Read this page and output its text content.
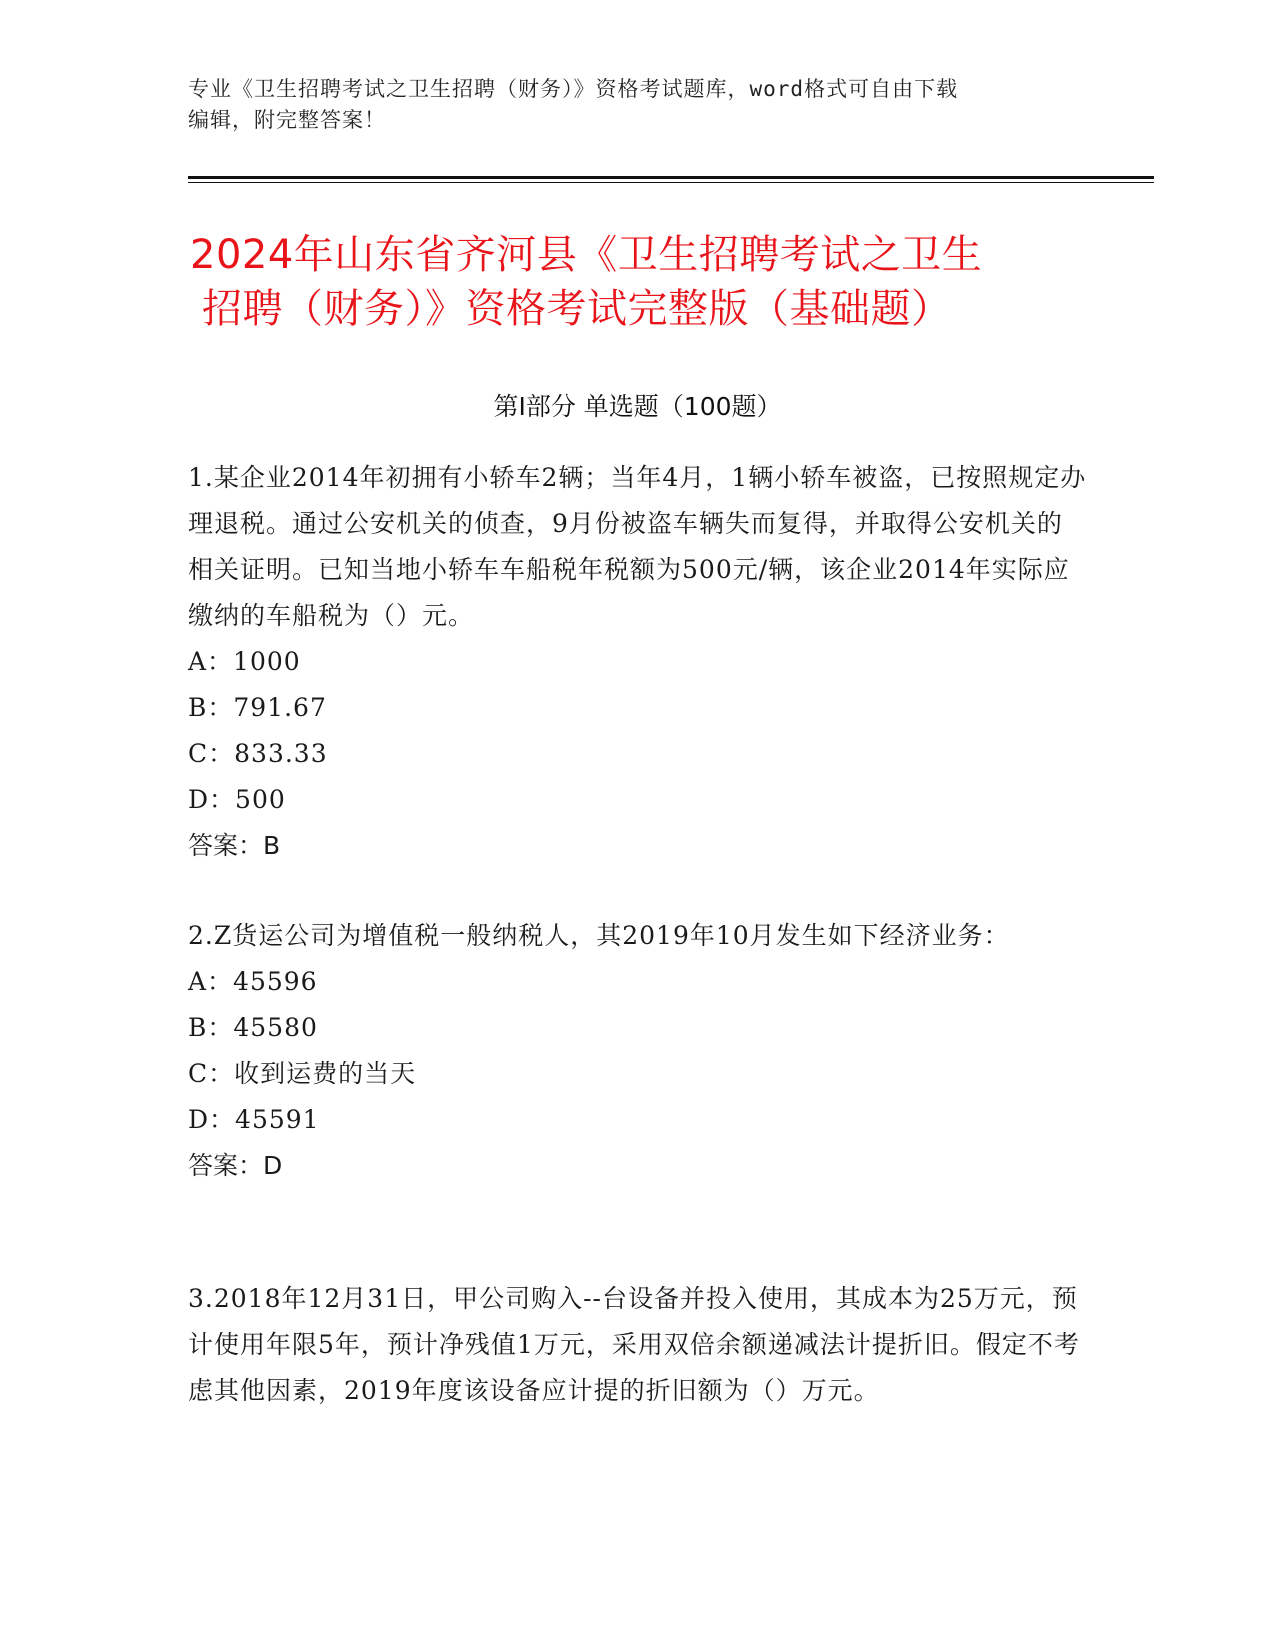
专业《卫生招聘考试之卫生招聘（财务）》资格考试题库，word格式可自由下载
编辑，附完整答案！
2024年山东省齐河县《卫生招聘考试之卫生
招聘（财务）》资格考试完整版（基础题）
第I部分 单选题（100题）
1.某企业2014年初拥有小轿车2辆；当年4月，1辆小轿车被盗，已按照规定办理退税。通过公安机关的侦查，9月份被盗车辆失而复得，并取得公安机关的相关证明。已知当地小轿车车船税年税额为500元/辆，该企业2014年实际应缴纳的车船税为（）元。
A：1000
B：791.67
C：833.33
D：500
答案：B
2.Z货运公司为增值税一般纳税人，其2019年10月发生如下经济业务：
A：45596
B：45580
C：收到运费的当天
D：45591
答案：D
3.2018年12月31日，甲公司购入--台设备并投入使用，其成本为25万元，预计使用年限5年，预计净残值1万元，采用双倍余额递减法计提折旧。假定不考虑其他因素，2019年度该设备应计提的折旧额为（）万元。
